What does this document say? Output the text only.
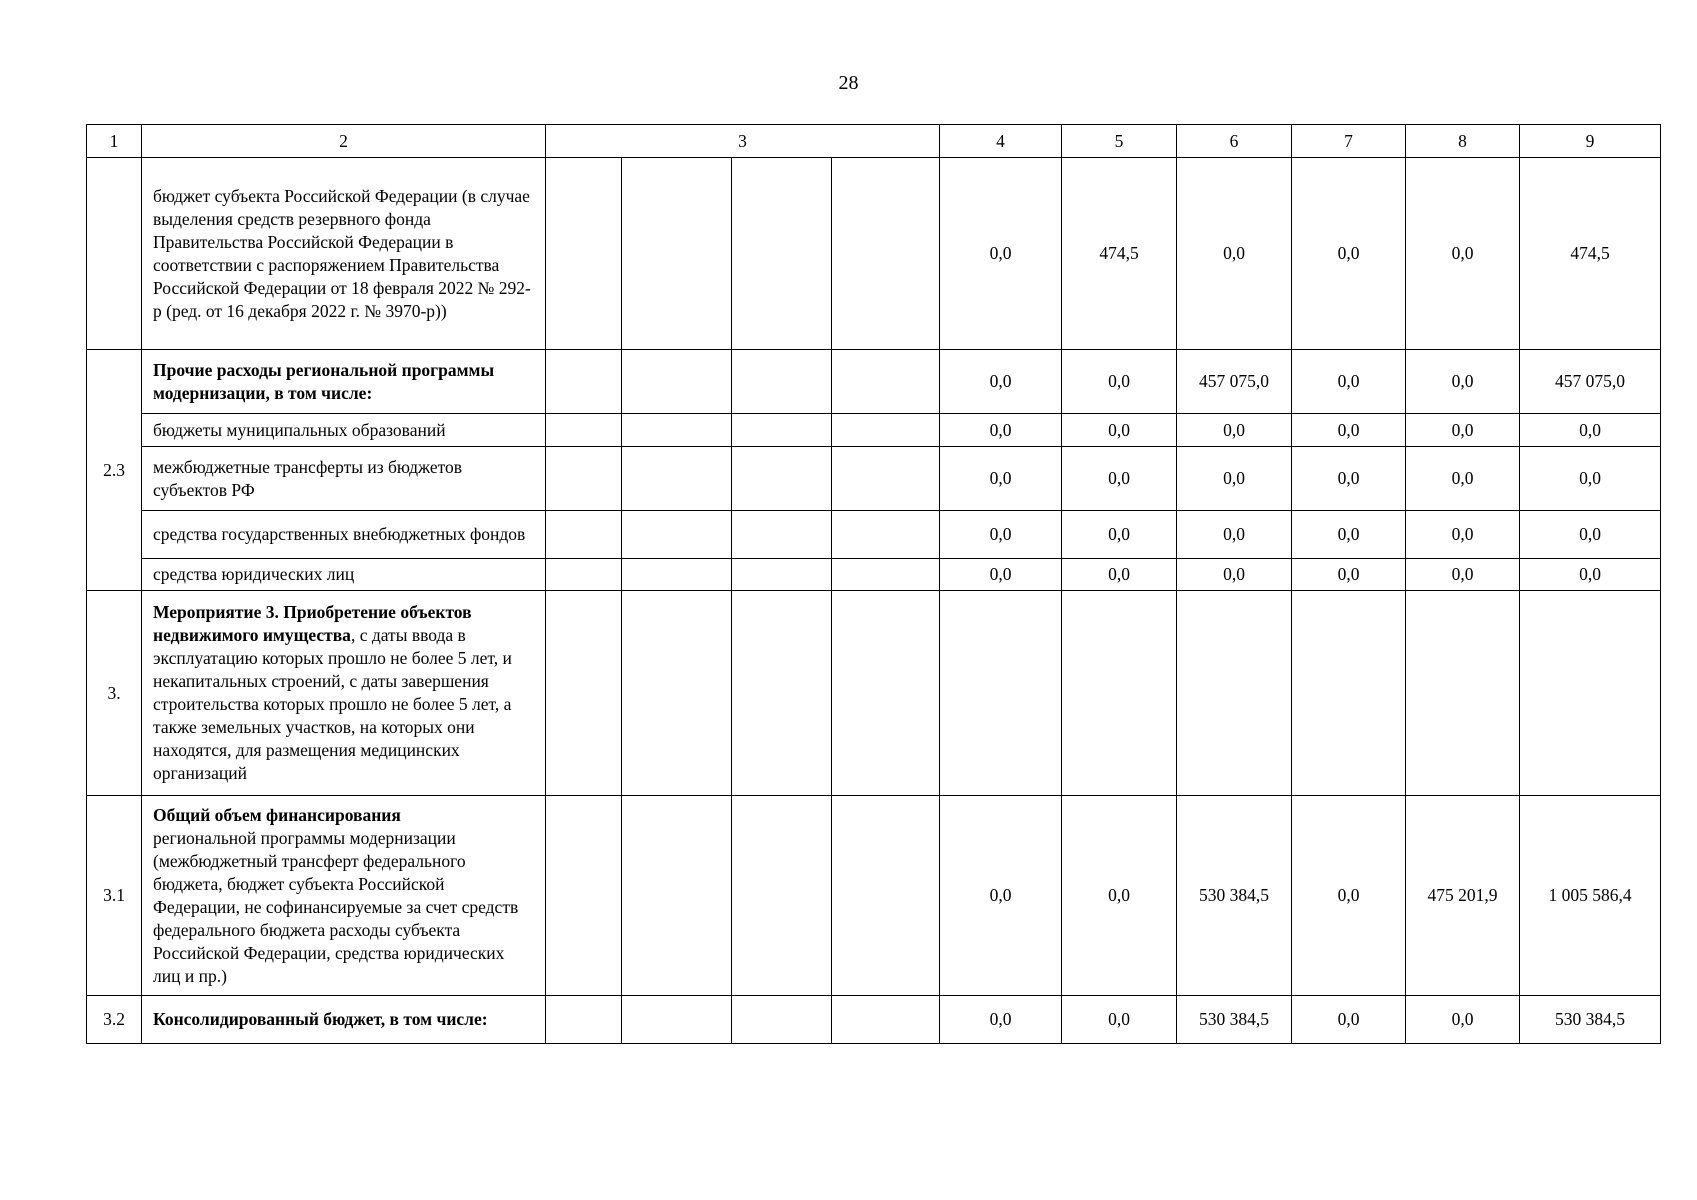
28
1	2	3				4	5	6	7	8	9
	бюджет субъекта Российской Федерации (в случае выделения средств резервного фонда Правительства Российской Федерации в соответствии с распоряжением Правительства Российской Федерации от 18 февраля 2022 № 292-р (ред. от 16 декабря 2022 г. № 3970-р))					0,0	474,5	0,0	0,0	0,0	474,5
2.3	Прочие расходы региональной программы модернизации, в том числе:					0,0	0,0	457 075,0	0,0	0,0	457 075,0
	бюджеты муниципальных образований					0,0	0,0	0,0	0,0	0,0	0,0
	межбюджетные трансферты из бюджетов субъектов РФ					0,0	0,0	0,0	0,0	0,0	0,0
	средства государственных внебюджетных фондов					0,0	0,0	0,0	0,0	0,0	0,0
	средства юридических лиц					0,0	0,0	0,0	0,0	0,0	0,0
3.	Мероприятие 3. Приобретение объектов недвижимого имущества, с даты ввода в эксплуатацию которых прошло не более 5 лет, и некапитальных строений, с даты завершения строительства которых прошло не более 5 лет, а также земельных участков, на которых они находятся, для размещения медицинских организаций										
3.1	Общий объем финансирования
региональной программы модернизации (межбюджетный трансферт федерального бюджета, бюджет субъекта Российской Федерации, не софинансируемые за счет средств федерального бюджета расходы субъекта Российской Федерации, средства юридических лиц и пр.)					0,0	0,0	530 384,5	0,0	475 201,9	1 005 586,4
3.2	Консолидированный бюджет, в том числе:					0,0	0,0	530 384,5	0,0	0,0	530 384,5
